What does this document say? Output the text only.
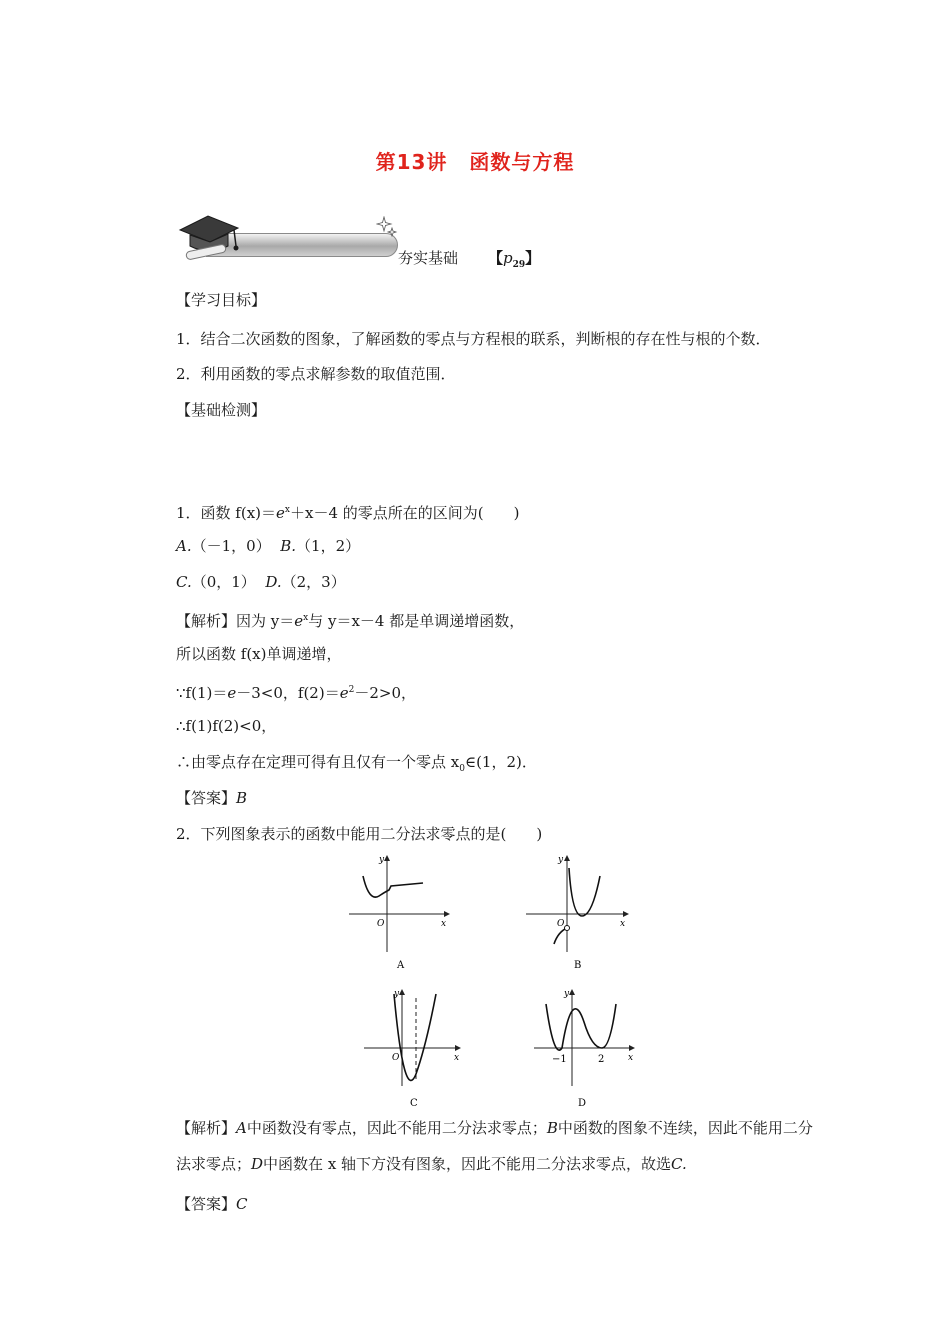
第13讲 函数与方程
夯实基础 【$p_{29}$】
【学习目标】
1．结合二次函数的图象，了解函数的零点与方程根的联系，判断根的存在性与根的个数．
2．利用函数的零点求解参数的取值范围．
【基础检测】
1．函数 $f(x)=e^x+x-4$ 的零点所在的区间为(　　)
A.（－1，0） B.（1，2）
C.（0，1） D.（2，3）
【解析】因为 $y=e^x$与 y＝x－4 都是单调递增函数，
所以函数 f(x)单调递增，
∵f(1)＝e－3<0，$f(2)=e^2-2>0$，
∴f(1)f(2)<0，
∴由零点存在定理可得有且仅有一个零点 $x_0\in(1$，2)．
【答案】B
2．下列图象表示的函数中能用二分法求零点的是(　　)
y
x
O
A
y
x
O
B
y
x
O
C
y
x
−1	2
D
【解析】A中函数没有零点，因此不能用二分法求零点；B中函数的图象不连续，因此不能用二分法求零点；D中函数在 x 轴下方没有图象，因此不能用二分法求零点，故选C.
【答案】C
